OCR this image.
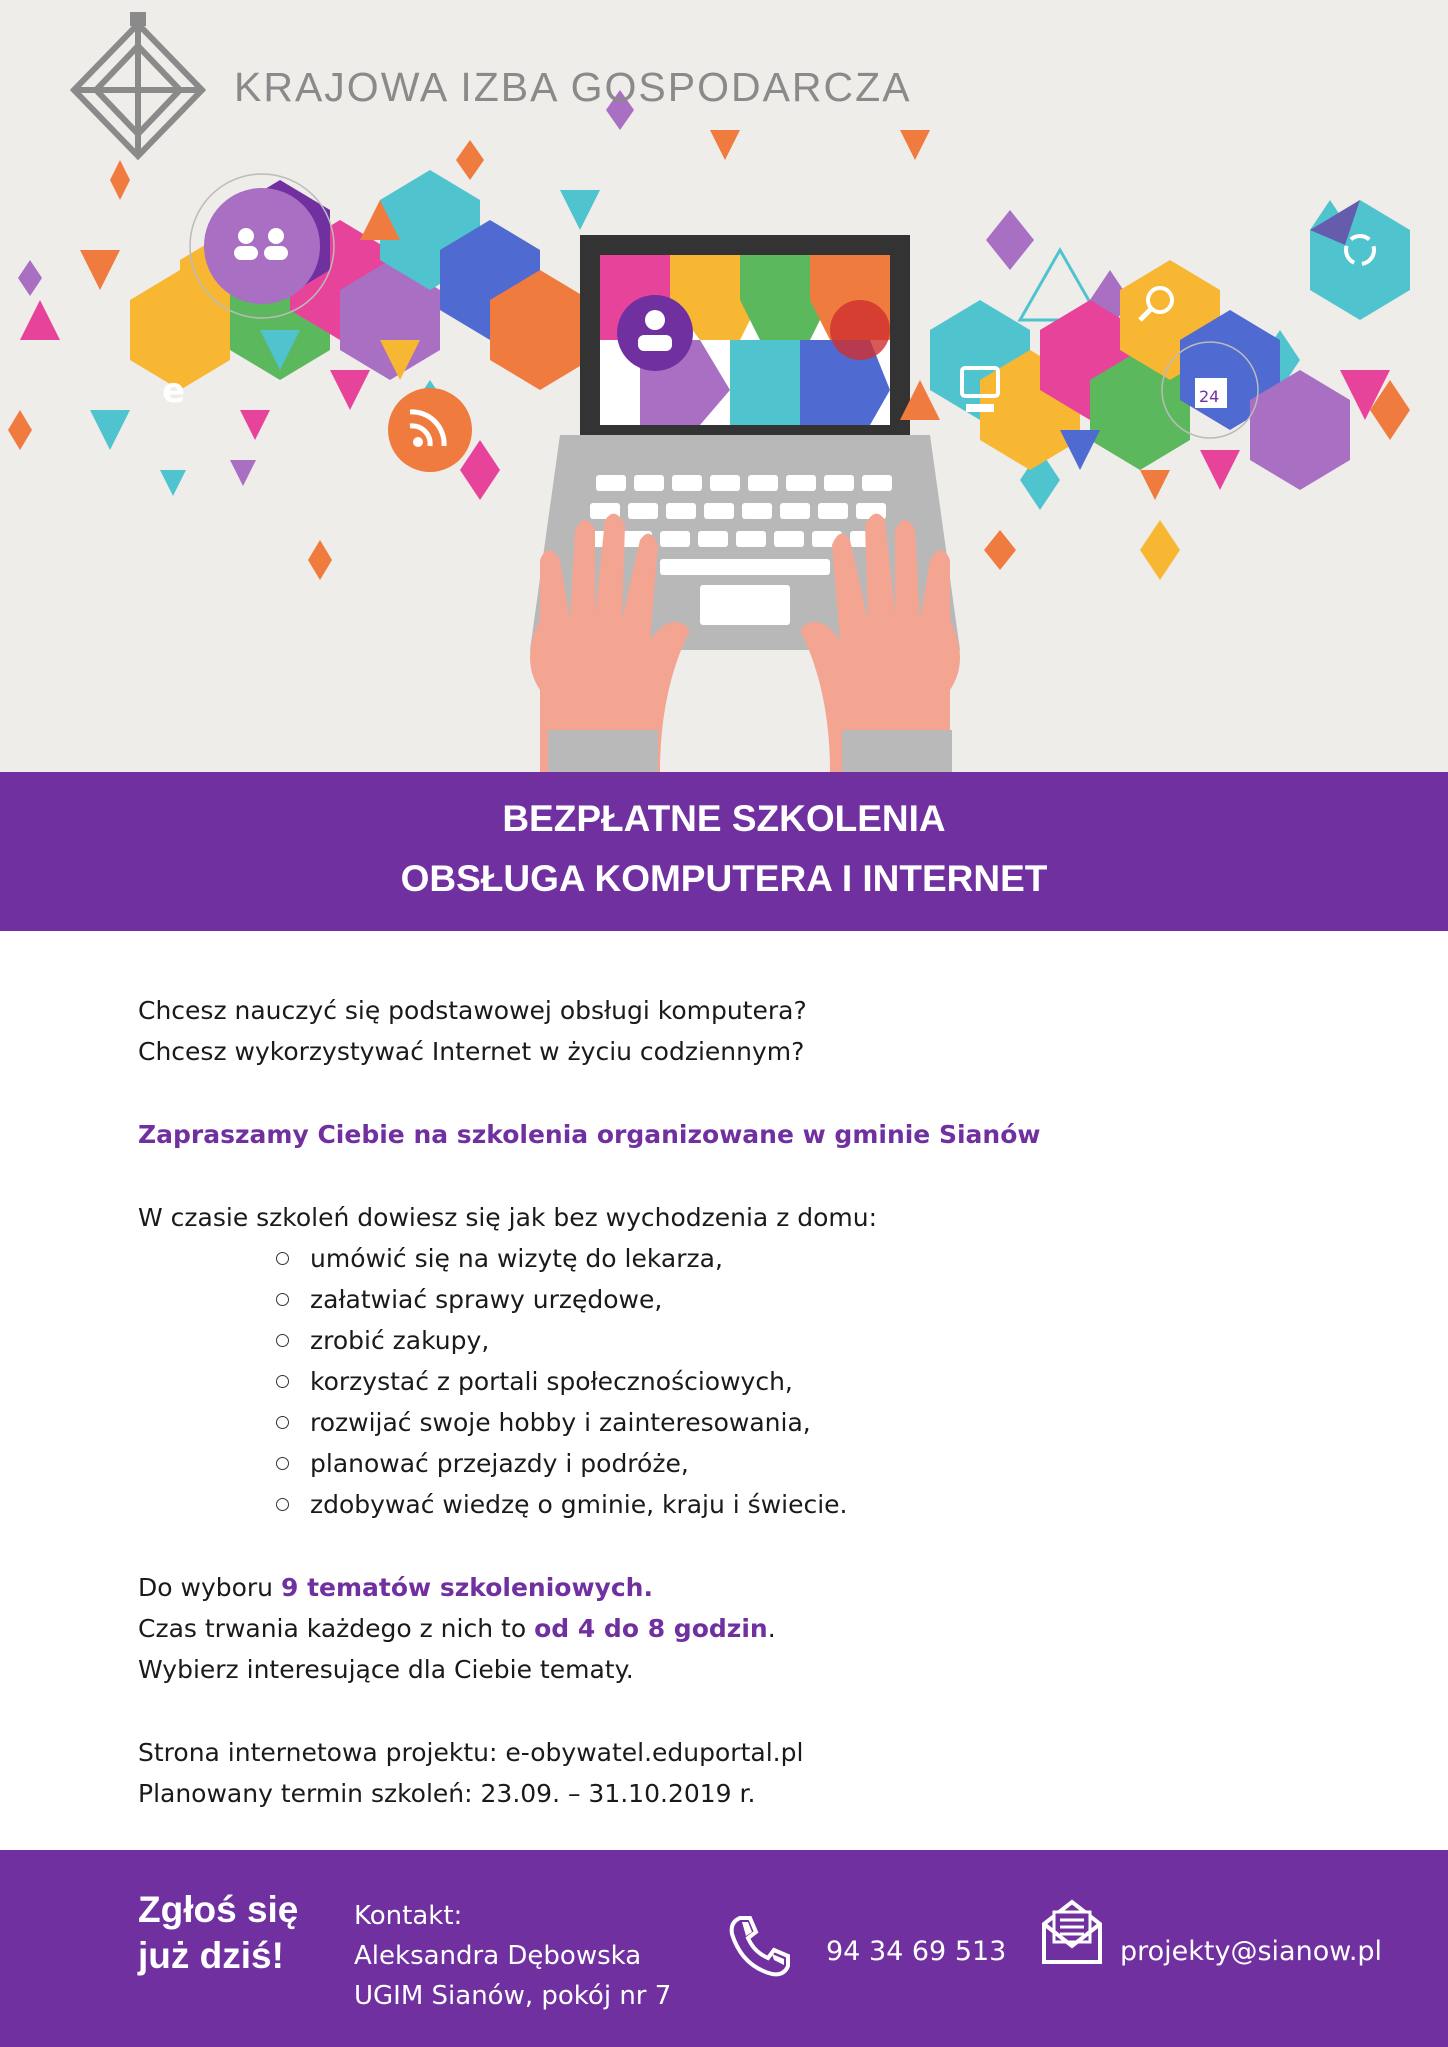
e	24
KRAJOWA IZBA GOSPODARCZA
BEZPŁATNE SZKOLENIA
OBSŁUGA KOMPUTERA I INTERNET

Chcesz nauczyć się podstawowej obsługi komputera?

Chcesz wykorzystywać Internet w życiu codziennym?

Zapraszamy Ciebie na szkolenia organizowane w gminie Sianów

W czasie szkoleń dowiesz się jak bez wychodzenia z domu:

umówić się na wizytę do lekarza,
załatwiać sprawy urzędowe,
zrobić zakupy,
korzystać z portali społecznościowych,
rozwijać swoje hobby i zainteresowania,
planować przejazdy i podróże,
zdobywać wiedzę o gminie, kraju i świecie.

Do wyboru 9 tematów szkoleniowych.

Czas trwania każdego z nich to od 4 do 8 godzin.

Wybierz interesujące dla Ciebie tematy.

Strona internetowa projektu: e-obywatel.eduportal.pl

Planowany termin szkoleń: 23.09. – 31.10.2019 r.

Zgłoś się
już dziś!
Kontakt:
Aleksandra Dębowska
UGIM Sianów, pokój nr 7
94 34 69 513	projekty@sianow.pl
